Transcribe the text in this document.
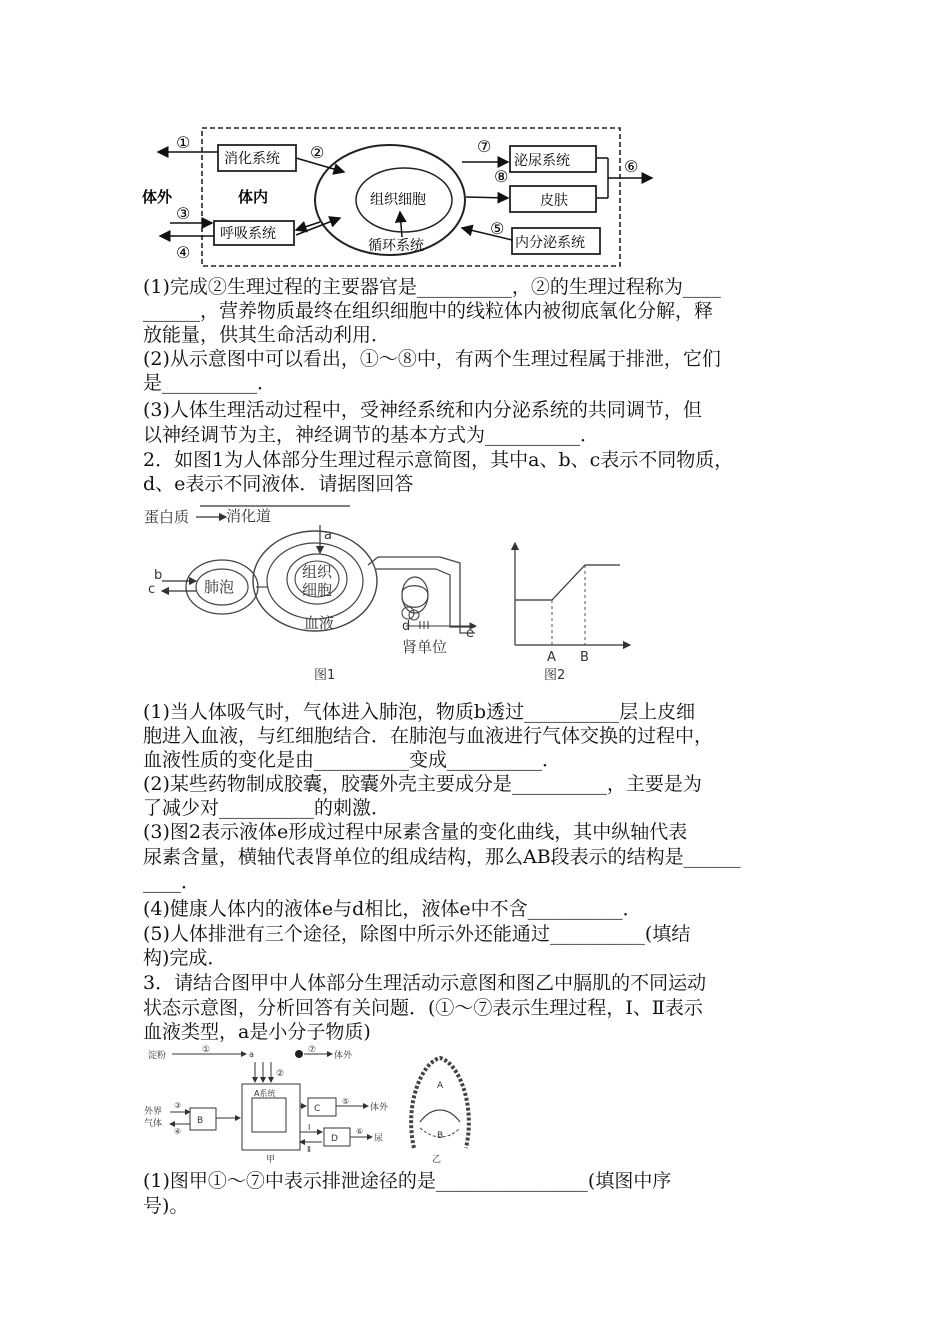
体外	体内
消化系统
呼吸系统
组织细胞
循环系统
泌尿系统
皮肤
内分泌系统
①
②
③
④
⑤
⑥
⑦
⑧
蛋白质 消化道
a
肺泡
b
c
组织
细胞
血液	d	e
肾单位
图1
A B
图2
淀粉
①	a	⑦
体外
②
A系统
外界
气体
③
④
B
C
⑤
体外
D
Ⅰ
Ⅱ
⑥
尿
甲
A
B
乙
(1)完成②生理过程的主要器官是__________，②的生理过程称为____
______，营养物质最终在组织细胞中的线粒体内被彻底氧化分解，释
放能量，供其生命活动利用．
(2)从示意图中可以看出，①～⑧中，有两个生理过程属于排泄，它们
是__________．
(3)人体生理活动过程中，受神经系统和内分泌系统的共同调节，但
以神经调节为主，神经调节的基本方式为__________．
2．如图1为人体部分生理过程示意简图，其中a、b、c表示不同物质，
d、e表示不同液体．请据图回答
(1)当人体吸气时，气体进入肺泡，物质b透过__________层上皮细
胞进入血液，与红细胞结合．在肺泡与血液进行气体交换的过程中，
血液性质的变化是由__________变成__________．
(2)某些药物制成胶囊，胶囊外壳主要成分是__________，主要是为
了减少对__________的刺激．
(3)图2表示液体e形成过程中尿素含量的变化曲线，其中纵轴代表
尿素含量，横轴代表肾单位的组成结构，那么AB段表示的结构是______
____．
(4)健康人体内的液体e与d相比，液体e中不含__________．
(5)人体排泄有三个途径，除图中所示外还能通过__________(填结
构)完成．
3．请结合图甲中人体部分生理活动示意图和图乙中膈肌的不同运动
状态示意图，分析回答有关问题．(①～⑦表示生理过程，Ⅰ、Ⅱ表示
血液类型，a是小分子物质)
(1)图甲①～⑦中表示排泄途径的是________________(填图中序
号)。
